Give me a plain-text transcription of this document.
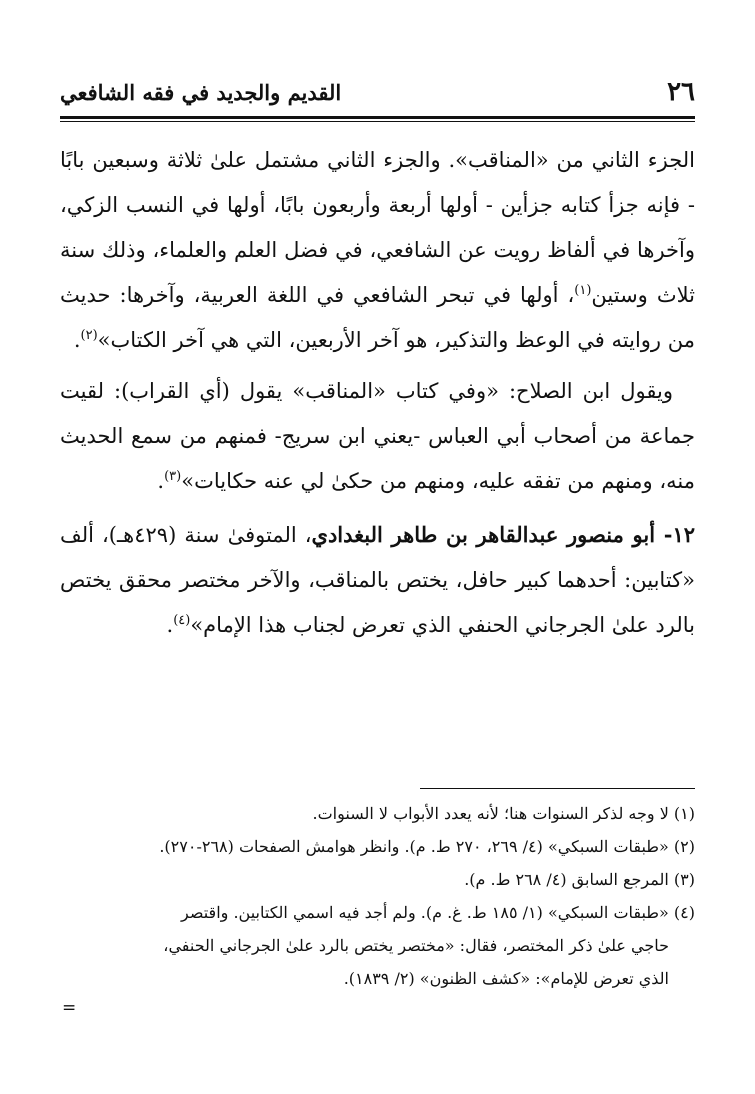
٢٦
القديم والجديد في فقه الشافعي

الجزء الثاني من «المناقب». والجزء الثاني مشتمل علىٰ ثلاثة وسبعين بابًا - فإنه جزأ كتابه جزأين - أولها أربعة وأربعون بابًا، أولها في النسب الزكي، وآخرها في ألفاظ رويت عن الشافعي، في فضل العلم والعلماء، وذلك سنة ثلاث وستين$^{(١)}$، أولها في تبحر الشافعي في اللغة العربية، وآخرها: حديث من روايته في الوعظ والتذكير، هو آخر الأربعين، التي هي آخر الكتاب»$^{(٢)}$.

ويقول ابن الصلاح: «وفي كتاب «المناقب» يقول (أي القراب): لقيت جماعة من أصحاب أبي العباس -يعني ابن سريج- فمنهم من سمع الحديث منه، ومنهم من تفقه عليه، ومنهم من حكىٰ لي عنه حكايات»$^{(٣)}$.

١٢- أبو منصور عبدالقاهر بن طاهر البغدادي، المتوفىٰ سنة (٤٢٩هـ)، ألف «كتابين: أحدهما كبير حافل، يختص بالمناقب، والآخر مختصر محقق يختص بالرد علىٰ الجرجاني الحنفي الذي تعرض لجناب هذا الإمام»$^{(٤)}$.

(١) لا وجه لذكر السنوات هنا؛ لأنه يعدد الأبواب لا السنوات.

(٢) «طبقات السبكي» (٤/ ٢٦٩، ٢٧٠ ط. م). وانظر هوامش الصفحات (٢٦٨-٢٧٠).

(٣) المرجع السابق (٤/ ٢٦٨ ط. م).

(٤) «طبقات السبكي» (١/ ١٨٥ ط. غ. م). ولم أجد فيه اسمي الكتابين. واقتصر

حاجي علىٰ ذكر المختصر، فقال: «مختصر يختص بالرد علىٰ الجرجاني الحنفي،

الذي تعرض للإمام»: «كشف الظنون» (٢/ ١٨٣٩).

=
